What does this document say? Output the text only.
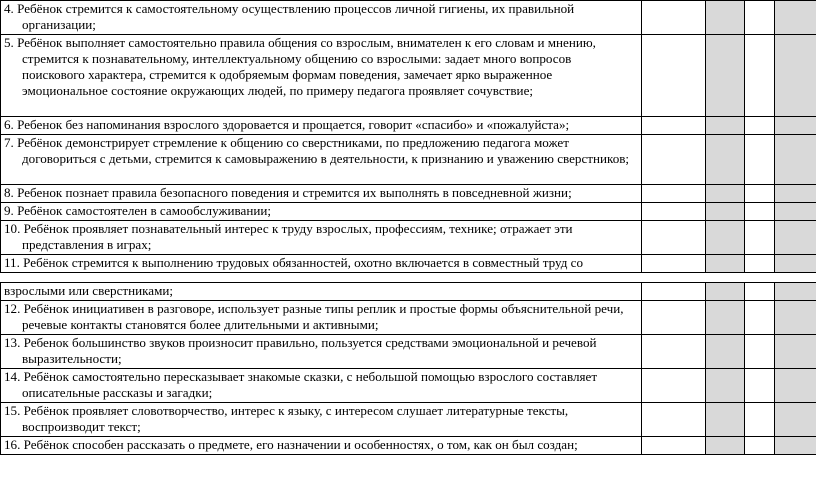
4. Ребёнок стремится к самостоятельному осуществлению процессов личной гигиены, их правильной организации;				

5. Ребёнок выполняет самостоятельно правила общения со взрослым, внимателен к его словам и мнению, стремится к познавательному, интеллектуальному общению со взрослыми: задает много вопросов поискового характера, стремится к одобряемым формам поведения, замечает ярко выраженное эмоциональное состояние окружающих людей, по примеру педагога проявляет сочувствие;				

6. Ребенок без напоминания взрослого здоровается и прощается, говорит «спасибо» и «пожалуйста»;				

7. Ребёнок демонстрирует стремление к общению со сверстниками, по предложению педагога может договориться с детьми, стремится к самовыражению в деятельности, к признанию и уважению сверстников;				

8. Ребенок познает правила безопасного поведения и стремится их выполнять в повседневной жизни;				

9. Ребёнок самостоятелен в самообслуживании;				

10. Ребёнок проявляет познавательный интерес к труду взрослых, профессиям, технике; отражает эти представления в играх;				

11. Ребёнок стремится к выполнению трудовых обязанностей, охотно включается в совместный труд со				

взрослыми или сверстниками;				

12. Ребёнок инициативен в разговоре, использует разные типы реплик и простые формы объяснительной речи, речевые контакты становятся более длительными и активными;				

13. Ребенок большинство звуков произносит правильно, пользуется средствами эмоциональной и речевой выразительности;				

14. Ребёнок самостоятельно пересказывает знакомые сказки, с небольшой помощью взрослого составляет описательные рассказы и загадки;				

15. Ребёнок проявляет словотворчество, интерес к языку, с интересом слушает литературные тексты, воспроизводит текст;				

16. Ребёнок способен рассказать о предмете, его назначении и особенностях, о том, как он был создан;				
